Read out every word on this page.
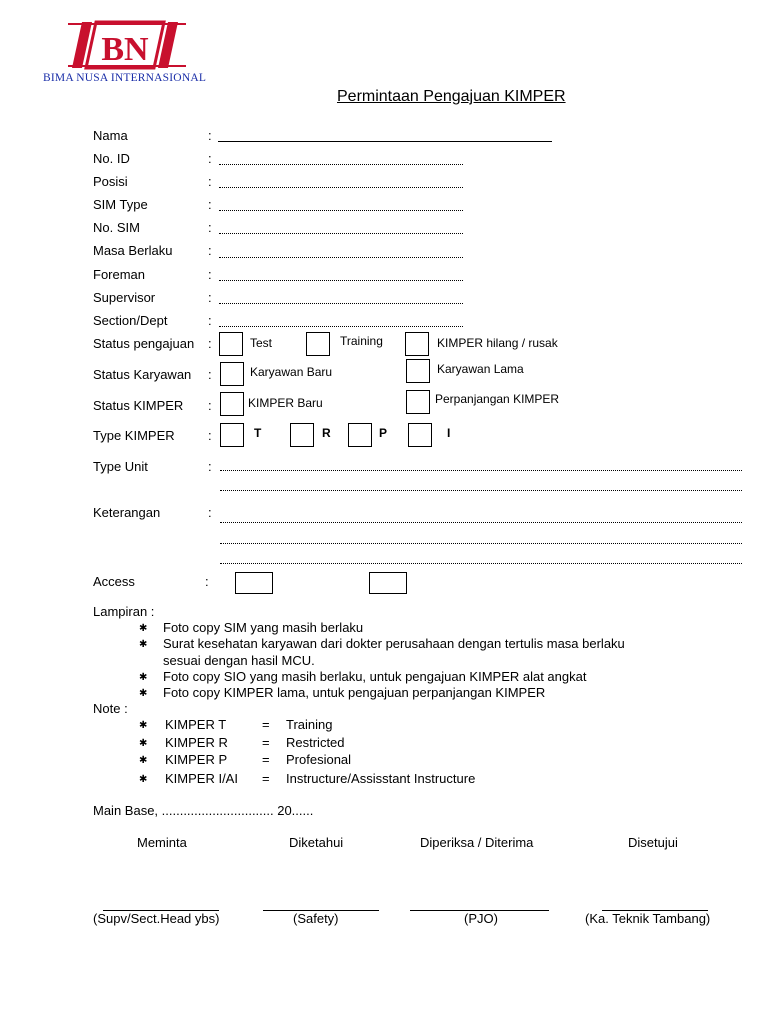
BN
BIMA NUSA INTERNASIONAL
Permintaan Pengajuan KIMPER
Nama	:
No. ID	:
Posisi	:
SIM Type	:
No. SIM	:
Masa Berlaku	:
Foreman	:
Supervisor	:
Section/Dept	:
Status pengajuan :	Test	Training	KIMPER hilang / rusak
Status Karyawan :	Karyawan Baru	Karyawan Lama
Status KIMPER :	KIMPER Baru	Perpanjangan KIMPER
Type KIMPER	:	T	R	P	I
Type Unit	:
Keterangan	:
Access	:
Lampiran :
✱ Foto copy SIM yang masih berlaku
✱ Surat kesehatan karyawan dari dokter perusahaan dengan tertulis masa berlaku
sesuai dengan hasil MCU.
✱ Foto copy SIO yang masih berlaku, untuk pengajuan KIMPER alat angkat
✱ Foto copy KIMPER lama, untuk pengajuan perpanjangan KIMPER
Note :
✱ KIMPER T	= Training
✱ KIMPER R	= Restricted
✱ KIMPER P	= Profesional
✱ KIMPER I/AI = Instructure/Assisstant Instructure
Main Base, ............................... 20......
Meminta	Diketahui	Diperiksa / Diterima	Disetujui
(Supv/Sect.Head ybs)	(Safety)	(PJO)	(Ka. Teknik Tambang)
